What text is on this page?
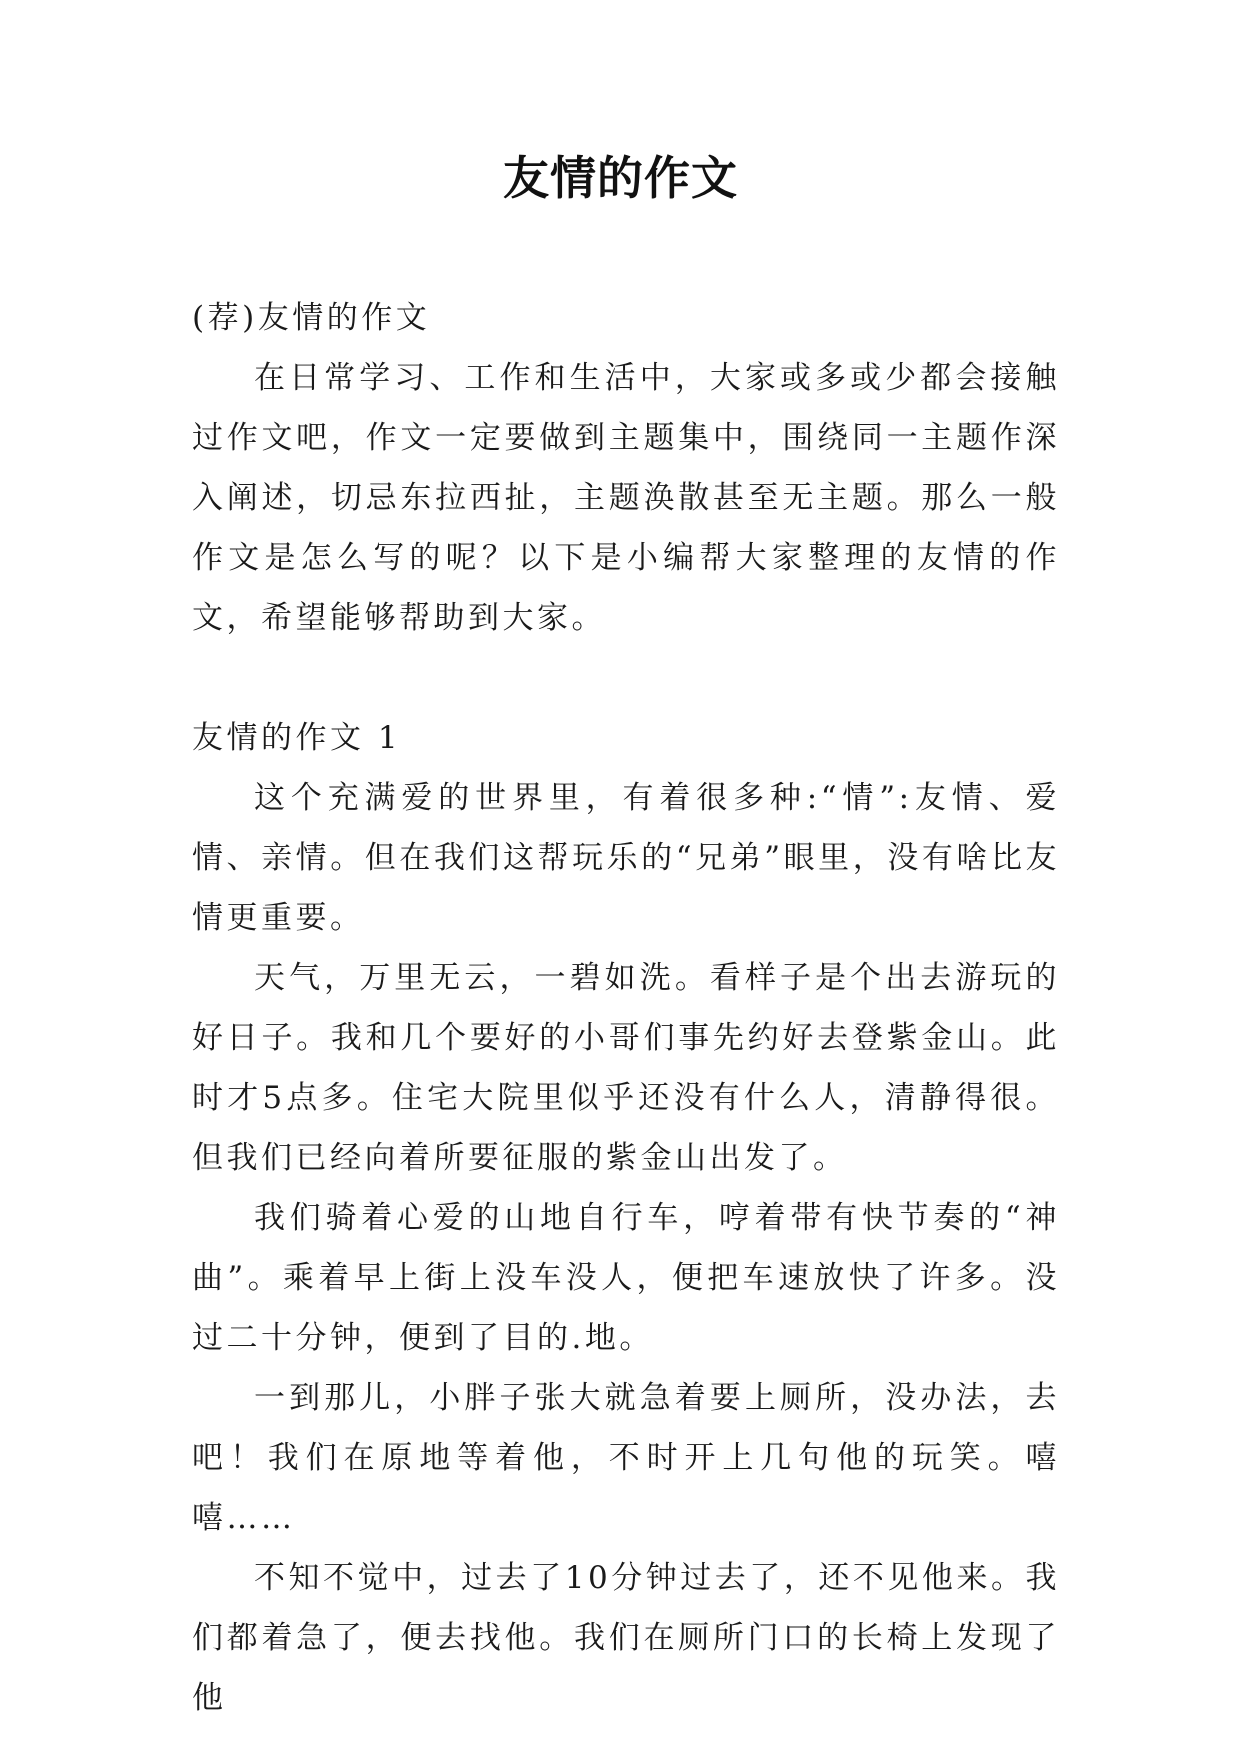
友情的作文

(荐)友情的作文

在日常学习、工作和生活中，大家或多或少都会接触过作文吧，作文一定要做到主题集中，围绕同一主题作深入阐述，切忌东拉西扯，主题涣散甚至无主题。那么一般作文是怎么写的呢？以下是小编帮大家整理的友情的作文，希望能够帮助到大家。

友情的作文 1

这个充满爱的世界里，有着很多种:“情”:友情、爱情、亲情。但在我们这帮玩乐的“兄弟”眼里，没有啥比友情更重要。

天气，万里无云，一碧如洗。看样子是个出去游玩的好日子。我和几个要好的小哥们事先约好去登紫金山。此时才5点多。住宅大院里似乎还没有什么人，清静得很。但我们已经向着所要征服的紫金山出发了。

我们骑着心爱的山地自行车，哼着带有快节奏的“神曲”。乘着早上街上没车没人，便把车速放快了许多。没过二十分钟，便到了目的.地。

一到那儿，小胖子张大就急着要上厕所，没办法，去吧！我们在原地等着他，不时开上几句他的玩笑。嘻嘻……

不知不觉中，过去了10分钟过去了，还不见他来。我们都着急了，便去找他。我们在厕所门口的长椅上发现了他
